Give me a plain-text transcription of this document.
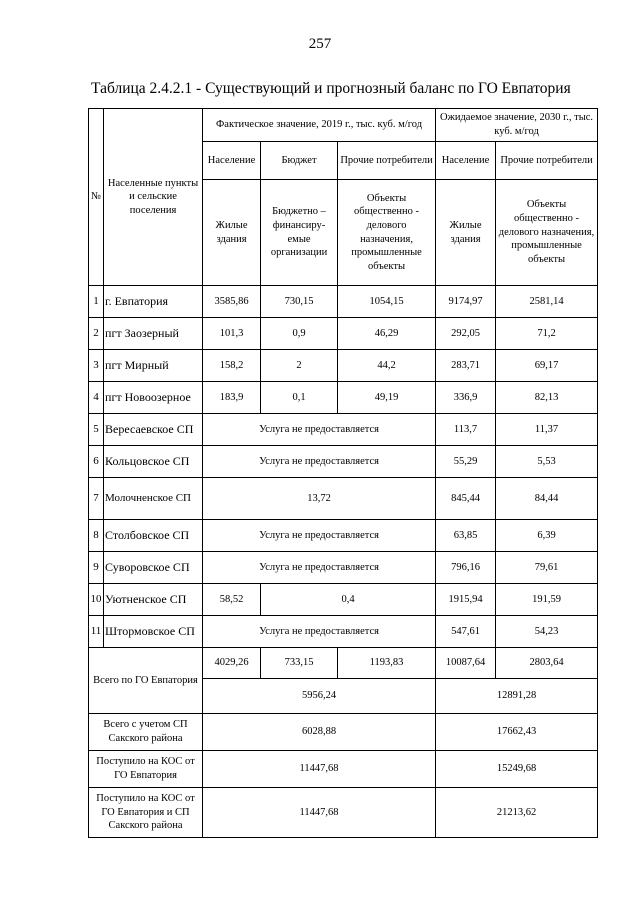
257
Таблица 2.4.2.1 - Существующий и прогнозный баланс по ГО Евпатория
№	Населенные пункты и сельские поселения	Фактическое значение, 2019 г., тыс. куб. м/год			Ожидаемое значение, 2030 г., тыс. куб. м/год	
		Население	Бюджет	Прочие потребители	Население	Прочие потребители
		Жилые здания	Бюджетно – финансиру-емые организации	Объекты общественно - делового назначения, промышленные объекты	Жилые здания	Объекты общественно - делового назначения, промышленные объекты
1	г. Евпатория	3585,86	730,15	1054,15	9174,97	2581,14
2	пгт Заозерный	101,3	0,9	46,29	292,05	71,2
3	пгт Мирный	158,2	2	44,2	283,71	69,17
4	пгт Новоозерное	183,9	0,1	49,19	336,9	82,13
5	Вересаевское СП	Услуга не предоставляется			113,7	11,37
6	Кольцовское СП	Услуга не предоставляется			55,29	5,53
7	Молочненское СП	13,72			845,44	84,44
8	Столбовское СП	Услуга не предоставляется			63,85	6,39
9	Суворовское СП	Услуга не предоставляется			796,16	79,61
10	Уютненское СП	58,52	0,4		1915,94	191,59
11	Штормовское СП	Услуга не предоставляется			547,61	54,23
Всего по ГО Евпатория		4029,26	733,15	1193,83	10087,64	2803,64
		5956,24			12891,28	
Всего с учетом СП Сакского района		6028,88			17662,43	
Поступило на КОС от ГО Евпатория		11447,68			15249,68	
Поступило на КОС от ГО Евпатория и СП Сакского района		11447,68			21213,62	
